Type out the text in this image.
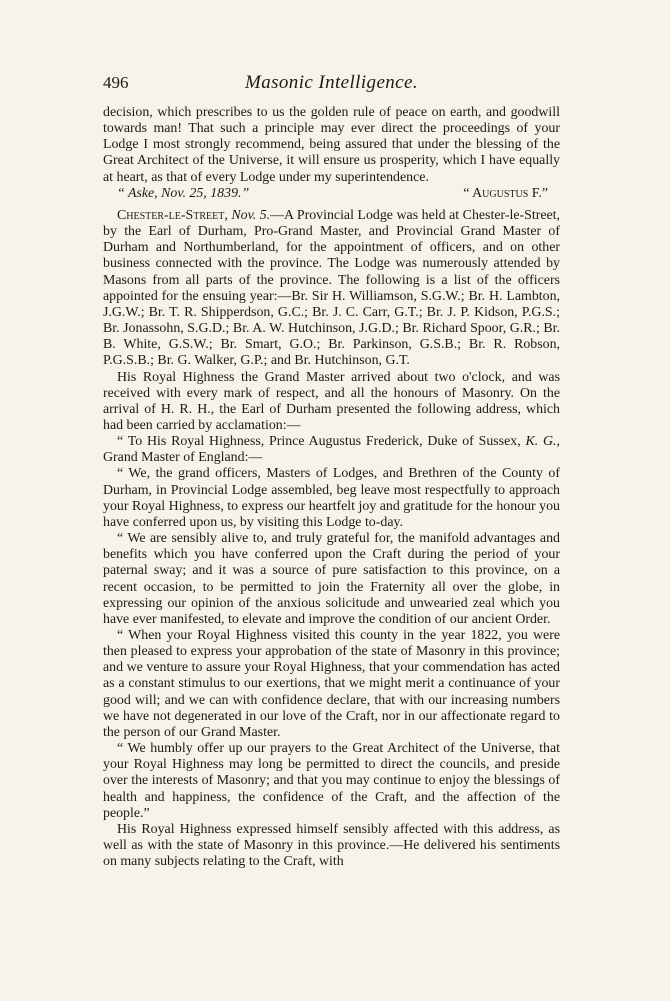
496	Masonic Intelligence.

decision, which prescribes to us the golden rule of peace on earth, and goodwill towards man! That such a principle may ever direct the proceedings of your Lodge I most strongly recommend, being assured that under the blessing of the Great Architect of the Universe, it will ensure us prosperity, which I have equally at heart, as that of every Lodge under my superintendence.

“ Aske, Nov. 25, 1839.”	“ Augustus F.”

Chester-le-Street, Nov. 5.—A Provincial Lodge was held at Chester-le-Street, by the Earl of Durham, Pro-Grand Master, and Provincial Grand Master of Durham and Northumberland, for the appointment of officers, and on other business connected with the province. The Lodge was numerously attended by Masons from all parts of the province. The following is a list of the officers appointed for the ensuing year:—Br. Sir H. Williamson, S.G.W.; Br. H. Lambton, J.G.W.; Br. T. R. Shipperdson, G.C.; Br. J. C. Carr, G.T.; Br. J. P. Kidson, P.G.S.; Br. Jonassohn, S.G.D.; Br. A. W. Hutchinson, J.G.D.; Br. Richard Spoor, G.R.; Br. B. White, G.S.W.; Br. Smart, G.O.; Br. Parkinson, G.S.B.; Br. R. Robson, P.G.S.B.; Br. G. Walker, G.P.; and Br. Hutchinson, G.T.

His Royal Highness the Grand Master arrived about two o'clock, and was received with every mark of respect, and all the honours of Masonry. On the arrival of H. R. H., the Earl of Durham presented the following address, which had been carried by acclamation:—

“ To His Royal Highness, Prince Augustus Frederick, Duke of Sussex, K. G., Grand Master of England:—

“ We, the grand officers, Masters of Lodges, and Brethren of the County of Durham, in Provincial Lodge assembled, beg leave most respectfully to approach your Royal Highness, to express our heartfelt joy and gratitude for the honour you have conferred upon us, by visiting this Lodge to-day.

“ We are sensibly alive to, and truly grateful for, the manifold advantages and benefits which you have conferred upon the Craft during the period of your paternal sway; and it was a source of pure satisfaction to this province, on a recent occasion, to be permitted to join the Fraternity all over the globe, in expressing our opinion of the anxious solicitude and unwearied zeal which you have ever manifested, to elevate and improve the condition of our ancient Order.

“ When your Royal Highness visited this county in the year 1822, you were then pleased to express your approbation of the state of Masonry in this province; and we venture to assure your Royal Highness, that your commendation has acted as a constant stimulus to our exertions, that we might merit a continuance of your good will; and we can with confidence declare, that with our increasing numbers we have not degenerated in our love of the Craft, nor in our affectionate regard to the person of our Grand Master.

“ We humbly offer up our prayers to the Great Architect of the Universe, that your Royal Highness may long be permitted to direct the councils, and preside over the interests of Masonry; and that you may continue to enjoy the blessings of health and happiness, the confidence of the Craft, and the affection of the people.”

His Royal Highness expressed himself sensibly affected with this address, as well as with the state of Masonry in this province.—He delivered his sentiments on many subjects relating to the Craft, with
